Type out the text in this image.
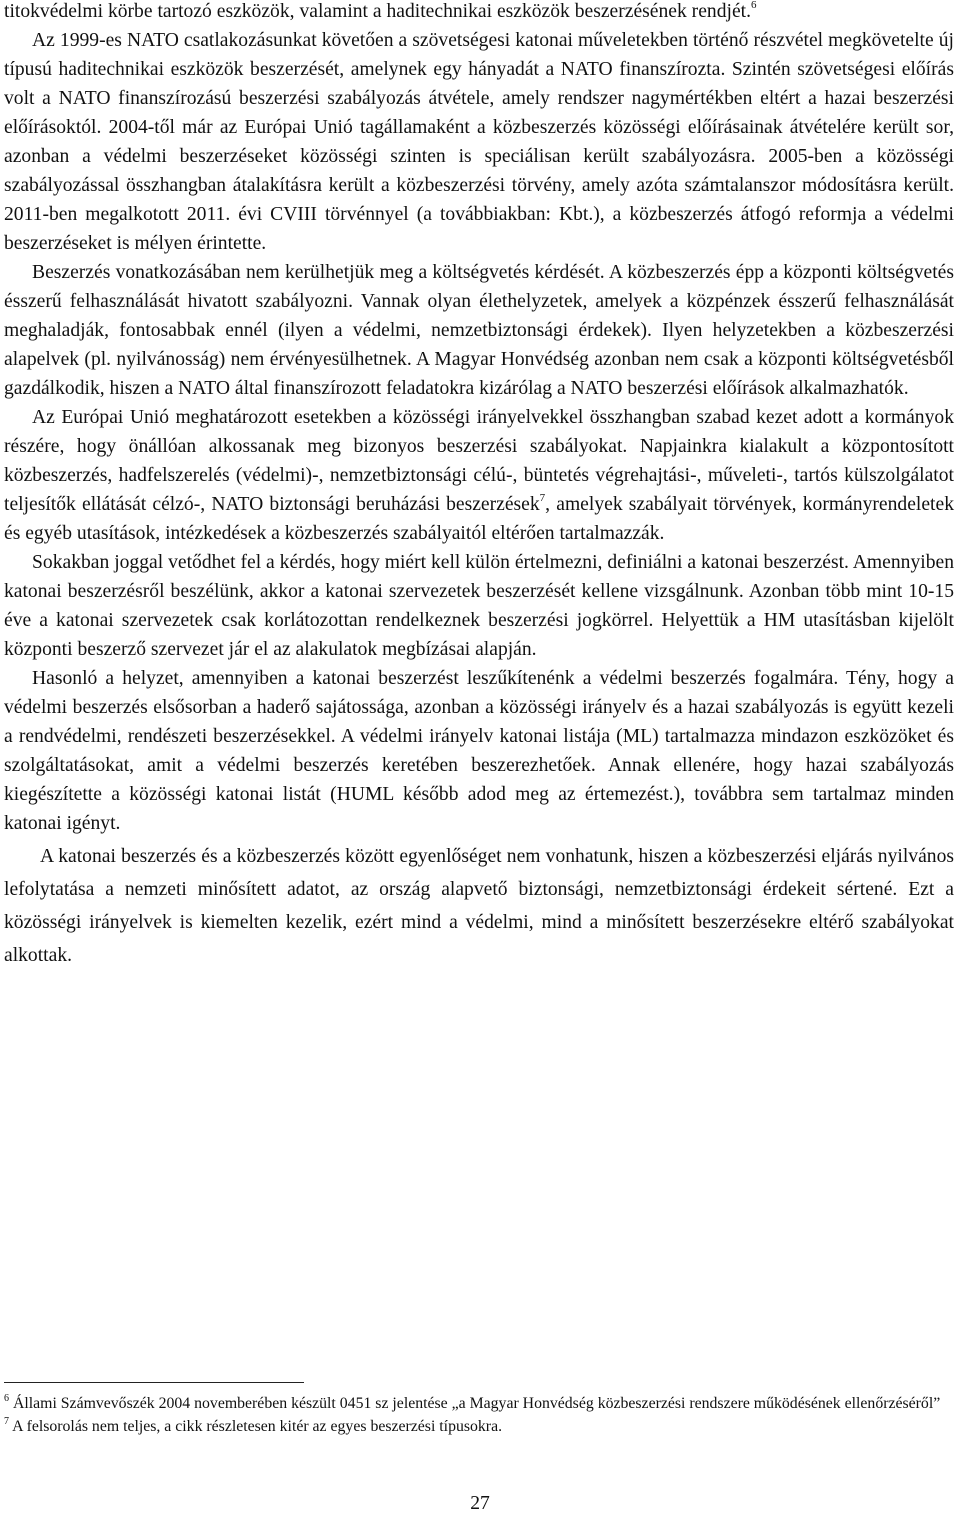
titokvédelmi körbe tartozó eszközök, valamint a haditechnikai eszközök beszerzésének rendjét.$^6$

Az 1999-es NATO csatlakozásunkat követően a szövetségesi katonai műveletekben történő részvétel megkövetelte új típusú haditechnikai eszközök beszerzését, amelynek egy hányadát a NATO finanszírozta. Szintén szövetségesi előírás volt a NATO finanszírozású beszerzési szabályozás átvétele, amely rendszer nagymértékben eltért a hazai beszerzési előírásoktól. 2004-től már az Európai Unió tagállamaként a közbeszerzés közösségi előírásainak átvételére került sor, azonban a védelmi beszerzéseket közösségi szinten is speciálisan került szabályozásra. 2005-ben a közösségi szabályozással összhangban átalakításra került a közbeszerzési törvény, amely azóta számtalanszor módosításra került. 2011-ben megalkotott 2011. évi CVIII törvénnyel (a továbbiakban: Kbt.), a közbeszerzés átfogó reformja a védelmi beszerzéseket is mélyen érintette.

Beszerzés vonatkozásában nem kerülhetjük meg a költségvetés kérdését. A közbeszerzés épp a központi költségvetés ésszerű felhasználását hivatott szabályozni. Vannak olyan élethelyzetek, amelyek a közpénzek ésszerű felhasználását meghaladják, fontosabbak ennél (ilyen a védelmi, nemzetbiztonsági érdekek). Ilyen helyzetekben a közbeszerzési alapelvek (pl. nyilvánosság) nem érvényesülhetnek. A Magyar Honvédség azonban nem csak a központi költségvetésből gazdálkodik, hiszen a NATO által finanszírozott feladatokra kizárólag a NATO beszerzési előírások alkalmazhatók.

Az Európai Unió meghatározott esetekben a közösségi irányelvekkel összhangban szabad kezet adott a kormányok részére, hogy önállóan alkossanak meg bizonyos beszerzési szabályokat. Napjainkra kialakult a központosított közbeszerzés, hadfelszerelés (védelmi)-, nemzetbiztonsági célú-, büntetés végrehajtási-, műveleti-, tartós külszolgálatot teljesítők ellátását célzó-, NATO biztonsági beruházási beszerzések$^7$, amelyek szabályait törvények, kormányrendeletek és egyéb utasítások, intézkedések a közbeszerzés szabályaitól eltérően tartalmazzák.

Sokakban joggal vetődhet fel a kérdés, hogy miért kell külön értelmezni, definiálni a katonai beszerzést. Amennyiben katonai beszerzésről beszélünk, akkor a katonai szervezetek beszerzését kellene vizsgálnunk. Azonban több mint 10-15 éve a katonai szervezetek csak korlátozottan rendelkeznek beszerzési jogkörrel. Helyettük a HM utasításban kijelölt központi beszerző szervezet jár el az alakulatok megbízásai alapján.

Hasonló a helyzet, amennyiben a katonai beszerzést leszűkítenénk a védelmi beszerzés fogalmára. Tény, hogy a védelmi beszerzés elsősorban a haderő sajátossága, azonban a közösségi irányelv és a hazai szabályozás is együtt kezeli a rendvédelmi, rendészeti beszerzésekkel. A védelmi irányelv katonai listája (ML) tartalmazza mindazon eszközöket és szolgáltatásokat, amit a védelmi beszerzés keretében beszerezhetőek. Annak ellenére, hogy hazai szabályozás kiegészítette a közösségi katonai listát (HUML később adod meg az értemezést.), továbbra sem tartalmaz minden katonai igényt.

A katonai beszerzés és a közbeszerzés között egyenlőséget nem vonhatunk, hiszen a közbeszerzési eljárás nyilvános lefolytatása a nemzeti minősített adatot, az ország alapvető biztonsági, nemzetbiztonsági érdekeit sértené. Ezt a közösségi irányelvek is kiemelten kezelik, ezért mind a védelmi, mind a minősített beszerzésekre eltérő szabályokat alkottak.

$^6$ Állami Számvevőszék 2004 novemberében készült 0451 sz jelentése „a Magyar Honvédség közbeszerzési rendszere működésének ellenőrzéséről”

$^7$ A felsorolás nem teljes, a cikk részletesen kitér az egyes beszerzési típusokra.

27
